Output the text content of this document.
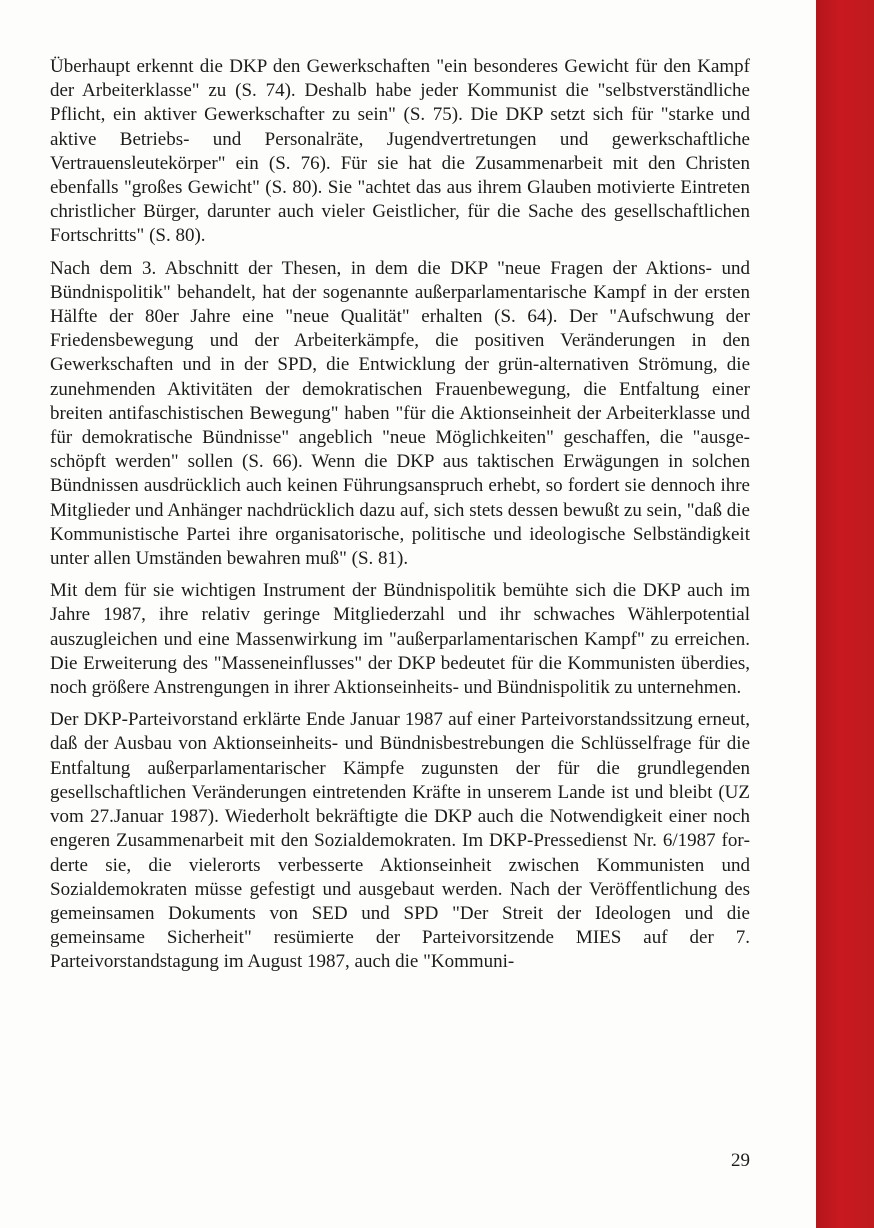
Überhaupt erkennt die DKP den Gewerkschaften "ein besonderes Gewicht für den Kampf der Arbeiterklasse" zu (S. 74). Deshalb habe jeder Kommunist die "selbstverständliche Pflicht, ein aktiver Gewerkschafter zu sein" (S. 75). Die DKP setzt sich für "starke und aktive Betriebs- und Personalräte, Jugendvertretungen und gewerkschaftliche Vertrauensleutekörper" ein (S. 76). Für sie hat die Zusammenarbeit mit den Christen ebenfalls "großes Gewicht" (S. 80). Sie "achtet das aus ihrem Glauben motivierte Eintreten christlicher Bürger, darunter auch vieler Geistlicher, für die Sache des gesellschaftlichen Fortschritts" (S. 80).

Nach dem 3. Abschnitt der Thesen, in dem die DKP "neue Fragen der Aktions- und Bündnispolitik" behandelt, hat der sogenannte außerparlamentarische Kampf in der ersten Hälfte der 80er Jahre eine "neue Qualität" erhalten (S. 64). Der "Aufschwung der Friedensbewegung und der Arbeiterkämpfe, die positiven Veränderungen in den Gewerkschaften und in der SPD, die Entwicklung der grün-alternativen Strömung, die zunehmenden Aktivitäten der demokratischen Frauenbewegung, die Entfaltung einer breiten antifaschistischen Bewegung" haben "für die Aktionseinheit der Arbeiterklasse und für demokratische Bündnisse" angeblich "neue Möglichkeiten" geschaffen, die "ausgeschöpft werden" sollen (S. 66). Wenn die DKP aus taktischen Erwägungen in solchen Bündnissen ausdrücklich auch keinen Führungsanspruch erhebt, so fordert sie dennoch ihre Mitglieder und Anhänger nachdrücklich dazu auf, sich stets dessen bewußt zu sein, "daß die Kommunistische Partei ihre organisatorische, politische und ideologische Selbständigkeit unter allen Umständen bewahren muß" (S. 81).

Mit dem für sie wichtigen Instrument der Bündnispolitik bemühte sich die DKP auch im Jahre 1987, ihre relativ geringe Mitgliederzahl und ihr schwaches Wählerpotential auszugleichen und eine Massenwirkung im "außerparlamentarischen Kampf" zu erreichen. Die Erweiterung des "Masseneinflusses" der DKP bedeutet für die Kommunisten überdies, noch größere Anstrengungen in ihrer Aktionseinheits- und Bündnispolitik zu unternehmen.

Der DKP-Parteivorstand erklärte Ende Januar 1987 auf einer Parteivorstandssitzung erneut, daß der Ausbau von Aktionseinheits- und Bündnisbestrebungen die Schlüsselfrage für die Entfaltung außerparlamentarischer Kämpfe zugunsten der für die grundlegenden gesellschaftlichen Veränderungen eintretenden Kräfte in unserem Lande ist und bleibt (UZ vom 27.Januar 1987). Wiederholt bekräftigte die DKP auch die Notwendigkeit einer noch engeren Zusammenarbeit mit den Sozialdemokraten. Im DKP-Pressedienst Nr. 6/1987 forderte sie, die vielerorts verbesserte Aktionseinheit zwischen Kommunisten und Sozialdemokraten müsse gefestigt und ausgebaut werden. Nach der Veröffentlichung des gemeinsamen Dokuments von SED und SPD "Der Streit der Ideologen und die gemeinsame Sicherheit" resümierte der Parteivorsitzende MIES auf der 7. Parteivorstandstagung im August 1987, auch die "Kommuni-

29
